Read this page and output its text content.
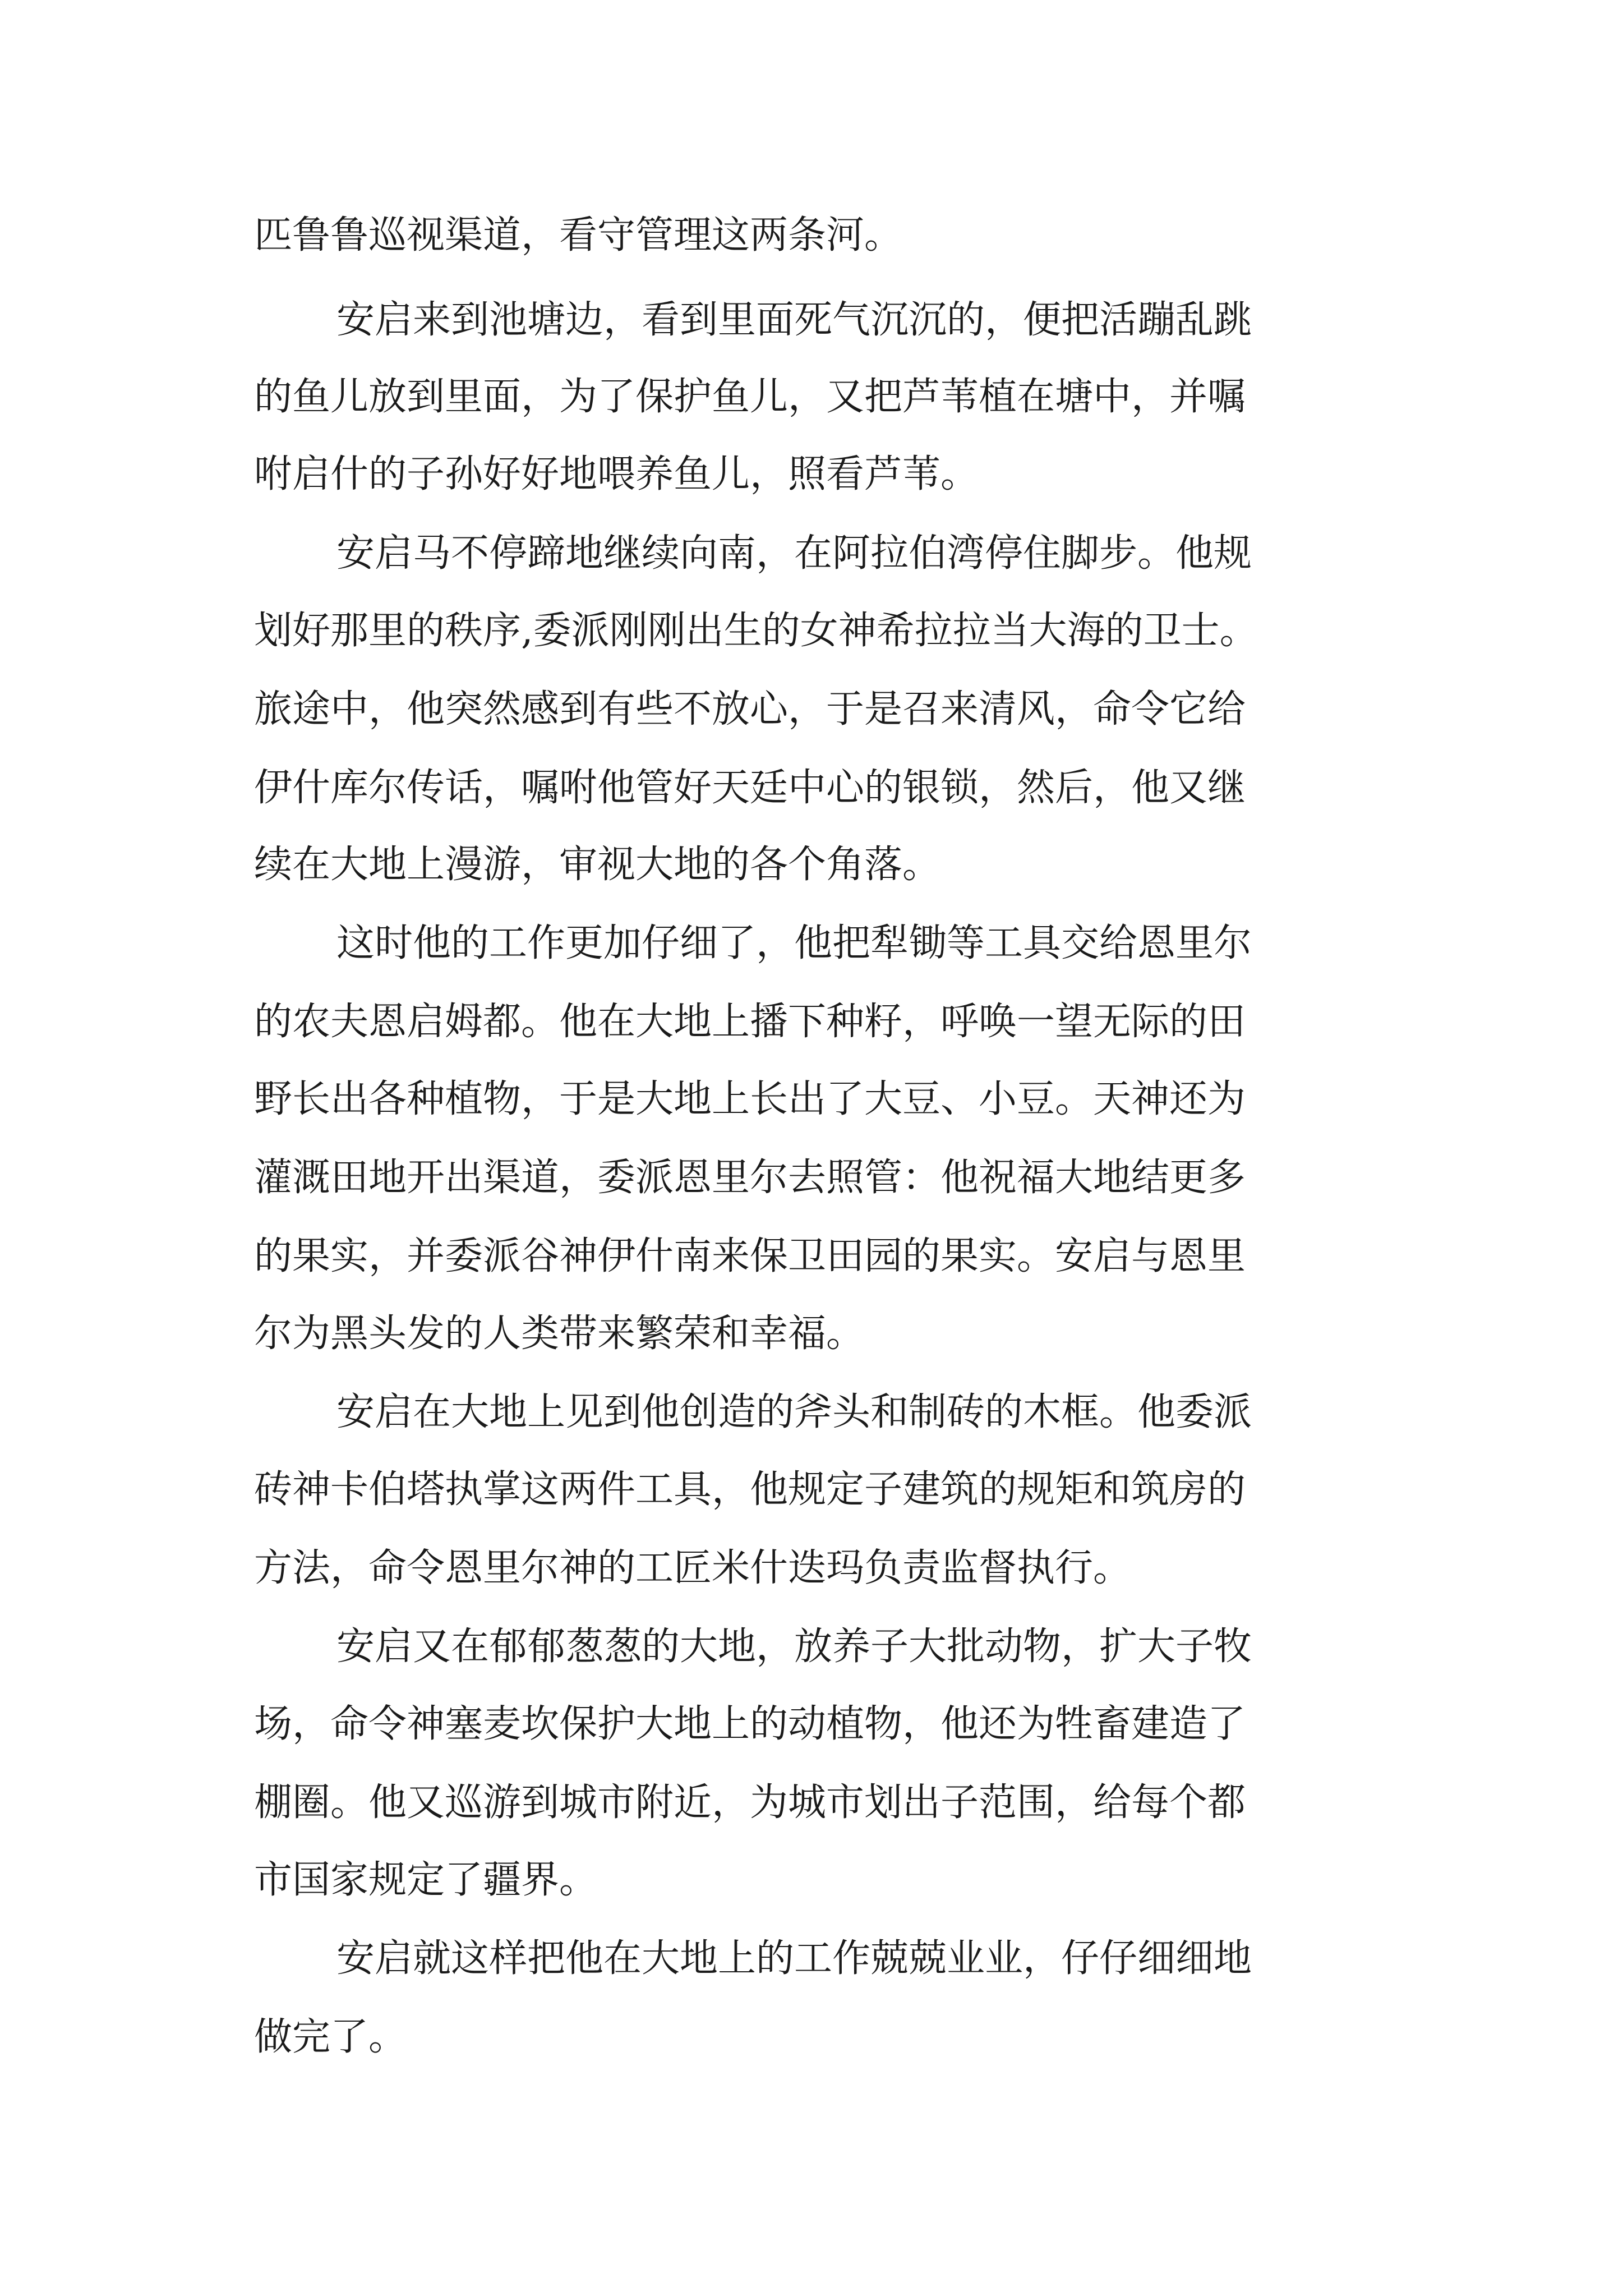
匹鲁鲁巡视渠道，看守管理这两条河。

安启来到池塘边，看到里面死气沉沉的，便把活蹦乱跳

的鱼儿放到里面，为了保护鱼儿，又把芦苇植在塘中，并嘱

咐启什的子孙好好地喂养鱼儿，照看芦苇。

安启马不停蹄地继续向南，在阿拉伯湾停住脚步。他规

划好那里的秩序,委派刚刚出生的女神希拉拉当大海的卫士。

旅途中，他突然感到有些不放心，于是召来清风，命令它给

伊什库尔传话，嘱咐他管好天廷中心的银锁，然后，他又继

续在大地上漫游，审视大地的各个角落。

这时他的工作更加仔细了，他把犁锄等工具交给恩里尔

的农夫恩启姆都。他在大地上播下种籽，呼唤一望无际的田

野长出各种植物，于是大地上长出了大豆、小豆。天神还为

灌溉田地开出渠道，委派恩里尔去照管：他祝福大地结更多

的果实，并委派谷神伊什南来保卫田园的果实。安启与恩里

尔为黑头发的人类带来繁荣和幸福。

安启在大地上见到他创造的斧头和制砖的木框。他委派

砖神卡伯塔执掌这两件工具，他规定子建筑的规矩和筑房的

方法，命令恩里尔神的工匠米什迭玛负责监督执行。

安启又在郁郁葱葱的大地，放养子大批动物，扩大子牧

场，命令神塞麦坎保护大地上的动植物，他还为牲畜建造了

棚圈。他又巡游到城市附近，为城市划出子范围，给每个都

市国家规定了疆界。

安启就这样把他在大地上的工作兢兢业业，仔仔细细地

做完了。
